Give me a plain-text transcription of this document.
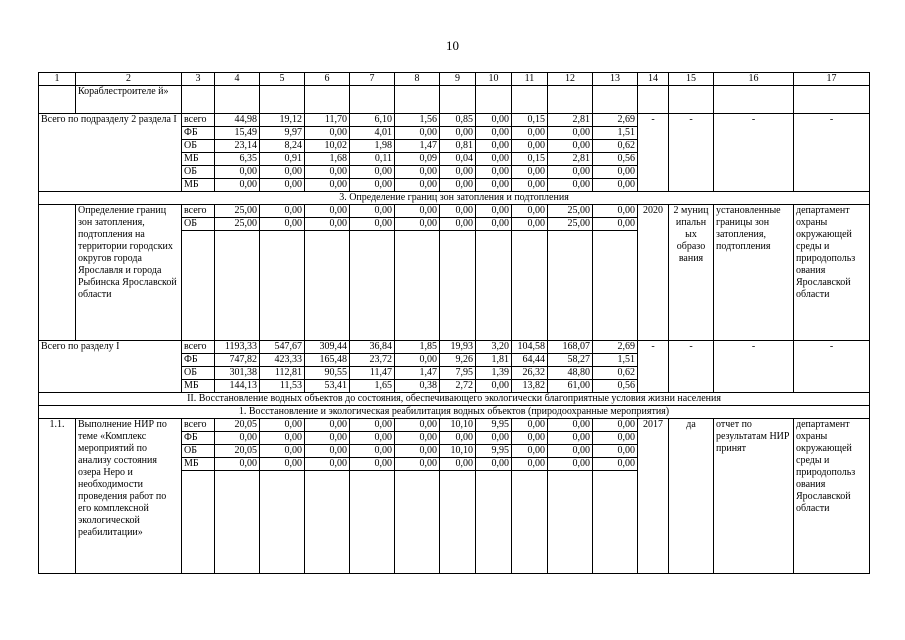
10
1	2	3	4	5	6	7	8	9	10	11	12	13	14	15	16	17
	Кораблестроителе й»															
Всего по подразделу 2 раздела I		всего	44,98	19,12	11,70	6,10	1,56	0,85	0,00	0,15	2,81	2,69	-	-	-	-
		ФБ	15,49	9,97	0,00	4,01	0,00	0,00	0,00	0,00	0,00	1,51				
		ОБ	23,14	8,24	10,02	1,98	1,47	0,81	0,00	0,00	0,00	0,62				
		МБ	6,35	0,91	1,68	0,11	0,09	0,04	0,00	0,15	2,81	0,56				
		ОБ	0,00	0,00	0,00	0,00	0,00	0,00	0,00	0,00	0,00	0,00				
		МБ	0,00	0,00	0,00	0,00	0,00	0,00	0,00	0,00	0,00	0,00				
3. Определение границ зон затопления и подтопления																
	Определение границ зон затопления, подтопления на территории городских округов города Ярославля и города Рыбинска Ярославской области	всего	25,00	0,00	0,00	0,00	0,00	0,00	0,00	0,00	25,00	0,00	2020	2 муниц ипальн ых образо вания	установленные границы зон затопления, подтопления	департамент охраны окружающей среды и природопольз ования Ярославской области
		ОБ	25,00	0,00	0,00	0,00	0,00	0,00	0,00	0,00	25,00	0,00				

Всего по разделу I		всего	1193,33	547,67	309,44	36,84	1,85	19,93	3,20	104,58	168,07	2,69	-	-	-	-
		ФБ	747,82	423,33	165,48	23,72	0,00	9,26	1,81	64,44	58,27	1,51				
		ОБ	301,38	112,81	90,55	11,47	1,47	7,95	1,39	26,32	48,80	0,62				
		МБ	144,13	11,53	53,41	1,65	0,38	2,72	0,00	13,82	61,00	0,56				
II. Восстановление водных объектов до состояния, обеспечивающего экологически благоприятные условия жизни населения																
1. Восстановление и экологическая реабилитация водных объектов (природоохранные мероприятия)																
1.1.	Выполнение НИР по теме «Комплекс мероприятий по анализу состояния озера Неро и необходимости проведения работ по его комплексной экологической реабилитации»	всего	20,05	0,00	0,00	0,00	0,00	10,10	9,95	0,00	0,00	0,00	2017	да	отчет по результатам НИР принят	департамент охраны окружающей среды и природопольз ования Ярославской области
		ФБ	0,00	0,00	0,00	0,00	0,00	0,00	0,00	0,00	0,00	0,00				
		ОБ	20,05	0,00	0,00	0,00	0,00	10,10	9,95	0,00	0,00	0,00				
		МБ	0,00	0,00	0,00	0,00	0,00	0,00	0,00	0,00	0,00	0,00				
